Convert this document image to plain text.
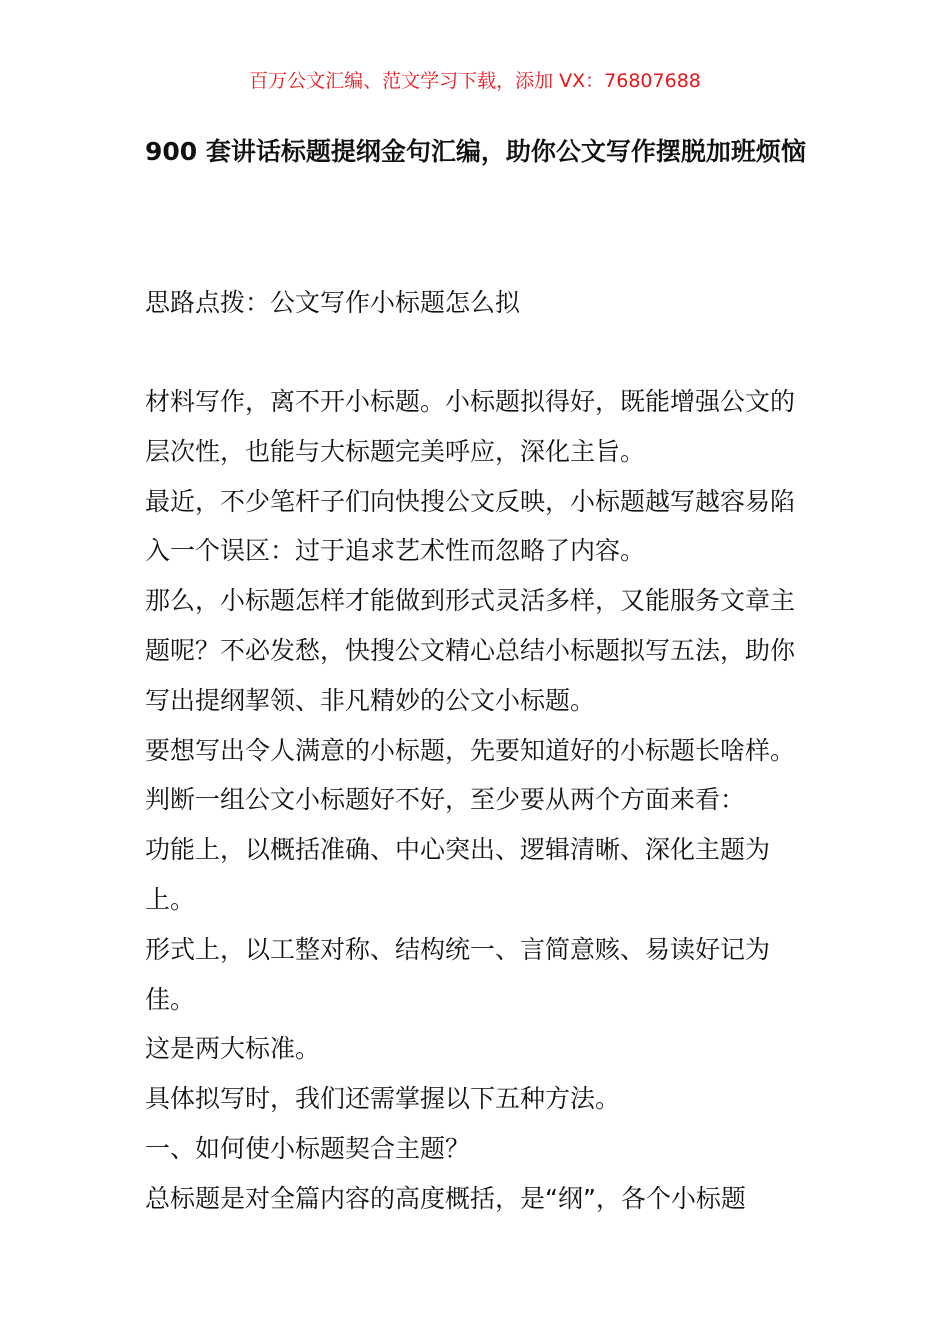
百万公文汇编、范文学习下载，添加 VX：76807688
900 套讲话标题提纲金句汇编，助你公文写作摆脱加班烦恼
思路点拨：公文写作小标题怎么拟

材料写作，离不开小标题。小标题拟得好，既能增强公文的层次性，也能与大标题完美呼应，深化主旨。

最近，不少笔杆子们向快搜公文反映，小标题越写越容易陷入一个误区：过于追求艺术性而忽略了内容。

那么，小标题怎样才能做到形式灵活多样，又能服务文章主题呢？不必发愁，快搜公文精心总结小标题拟写五法，助你写出提纲挈领、非凡精妙的公文小标题。

要想写出令人满意的小标题，先要知道好的小标题长啥样。

判断一组公文小标题好不好，至少要从两个方面来看：

功能上，以概括准确、中心突出、逻辑清晰、深化主题为上。

形式上，以工整对称、结构统一、言简意赅、易读好记为佳。

这是两大标准。

具体拟写时，我们还需掌握以下五种方法。

一、如何使小标题契合主题？

总标题是对全篇内容的高度概括，是“纲”，各个小标题
